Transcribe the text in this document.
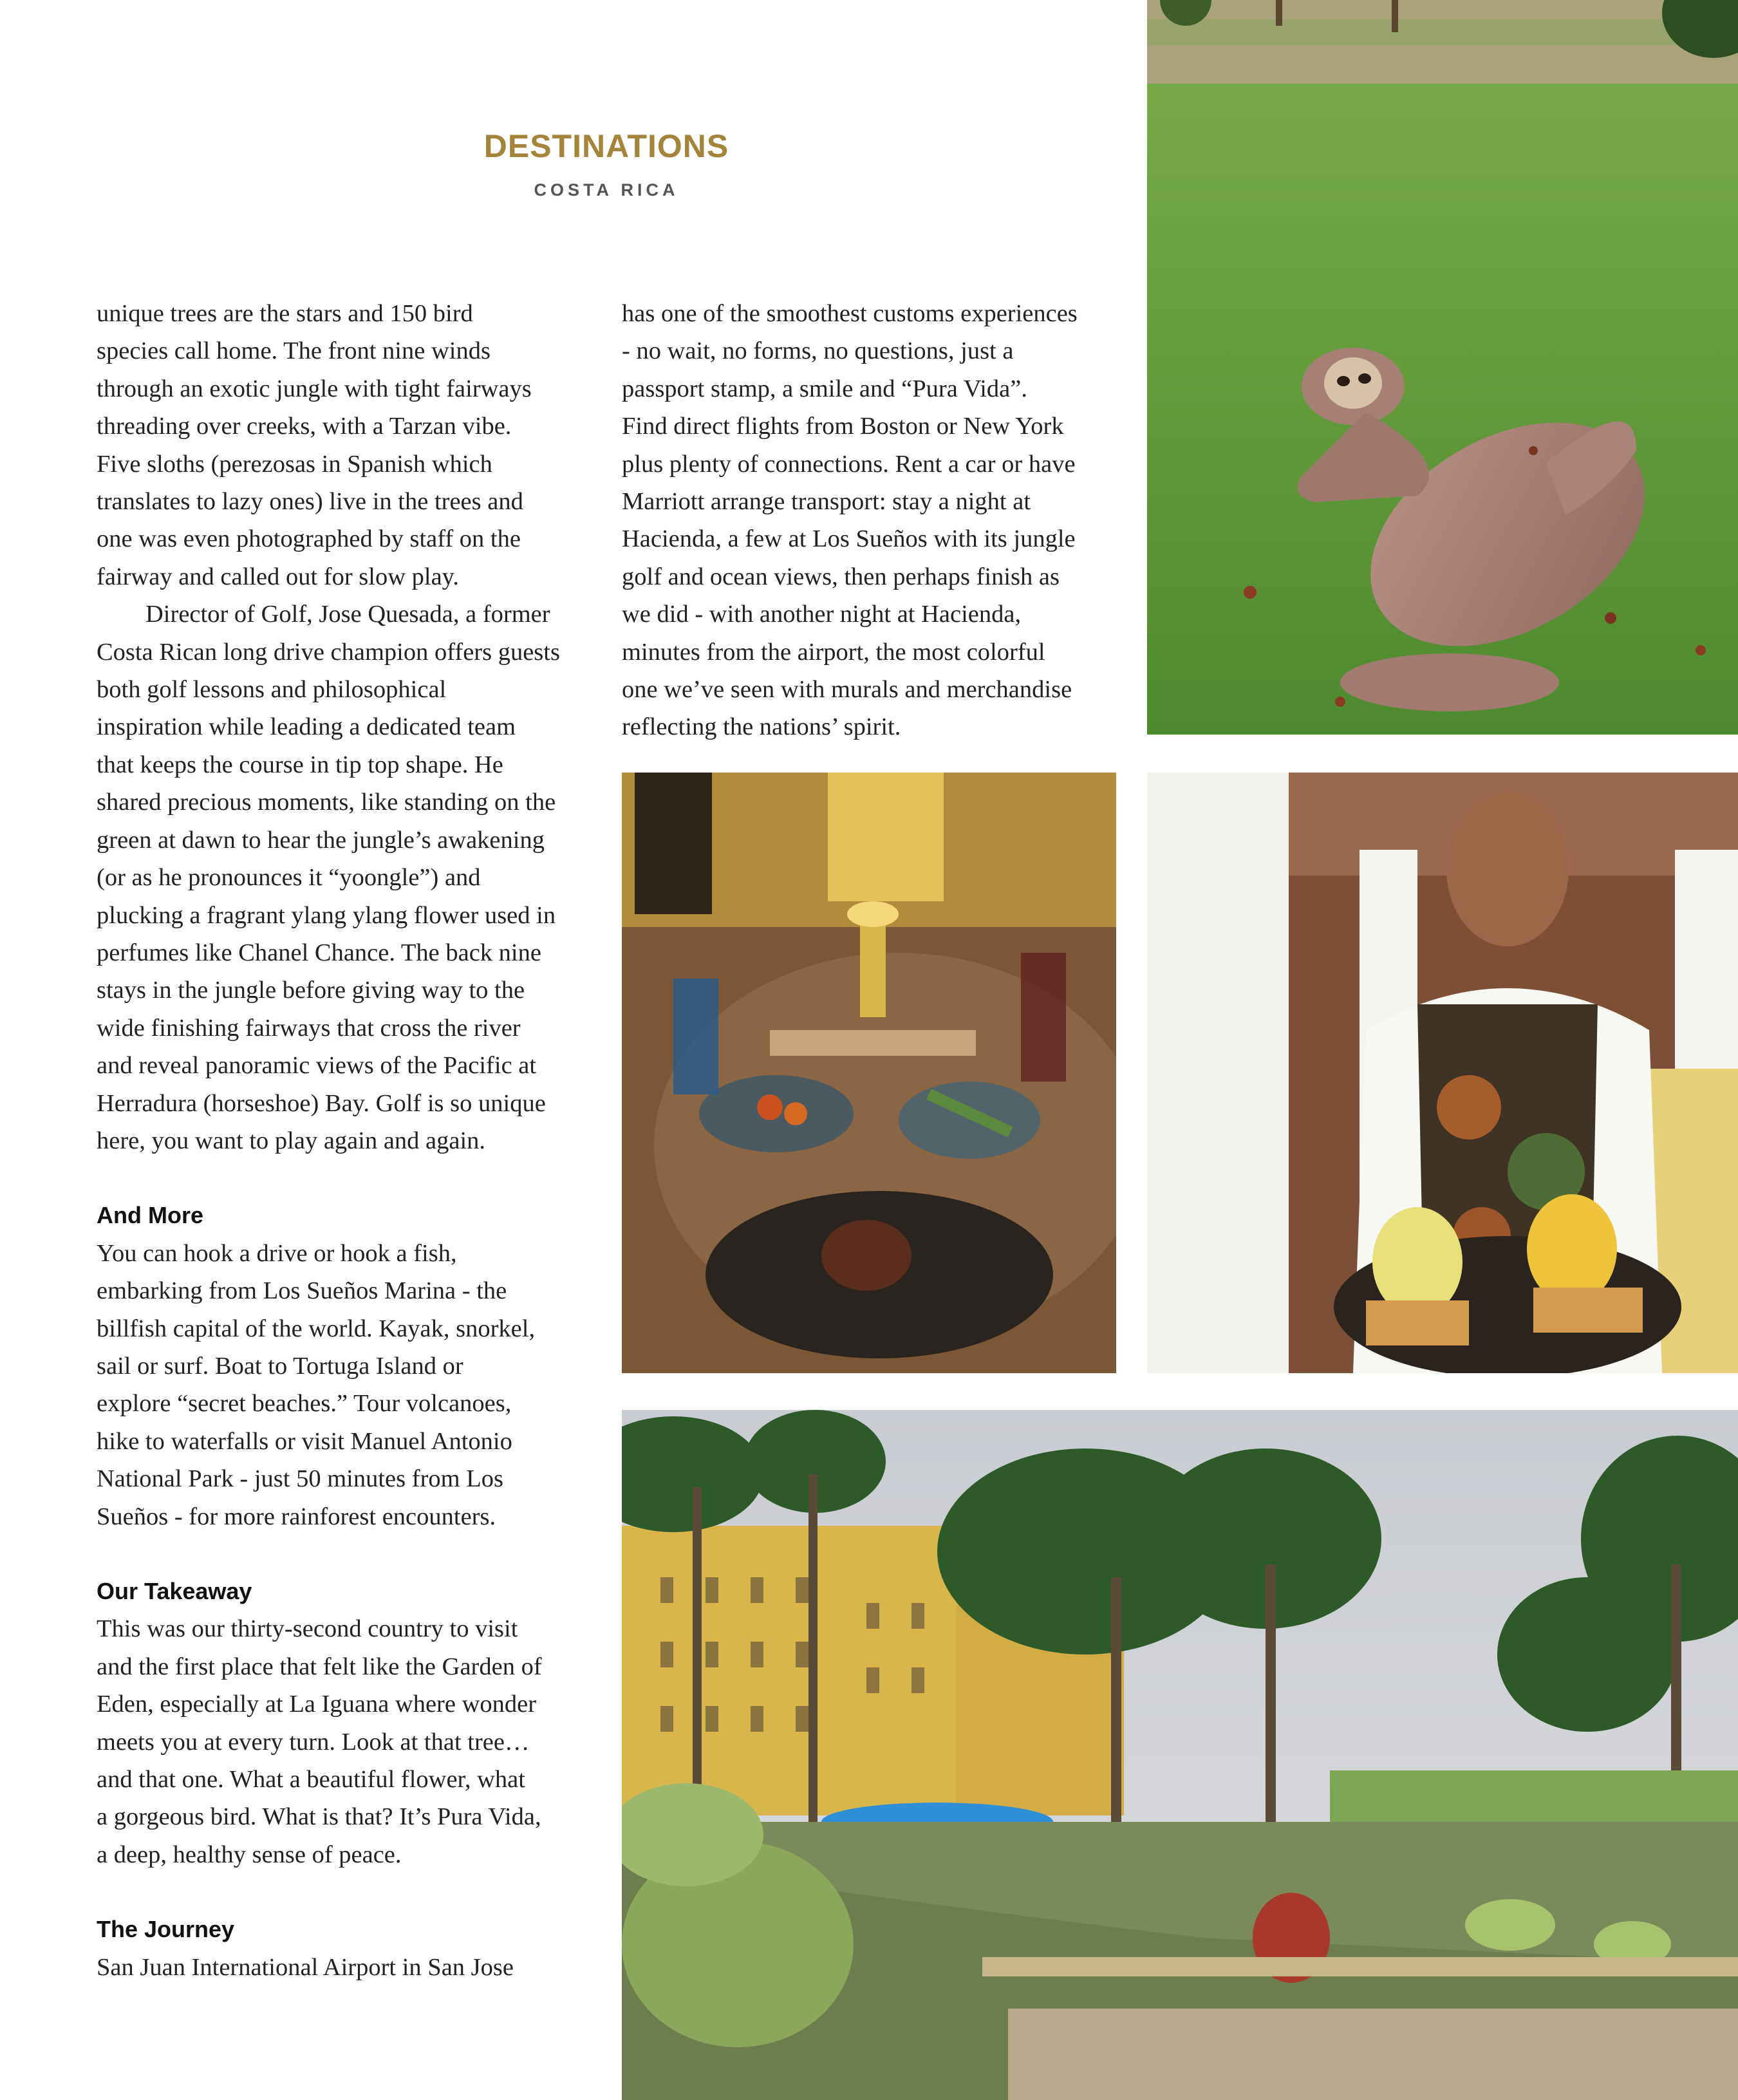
DESTINATIONS
COSTA RICA

unique trees are the stars and 150 bird
species call home. The front nine winds
through an exotic jungle with tight fairways
threading over creeks, with a Tarzan vibe.
Five sloths (perezosas in Spanish which
translates to lazy ones) live in the trees and
one was even photographed by staff on the
fairway and called out for slow play.

Director of Golf, Jose Quesada, a former
Costa Rican long drive champion offers guests
both golf lessons and philosophical
inspiration while leading a dedicated team
that keeps the course in tip top shape. He
shared precious moments, like standing on the
green at dawn to hear the jungle’s awakening
(or as he pronounces it “yoongle”) and
plucking a fragrant ylang ylang flower used in
perfumes like Chanel Chance. The back nine
stays in the jungle before giving way to the
wide finishing fairways that cross the river
and reveal panoramic views of the Pacific at
Herradura (horseshoe) Bay. Golf is so unique
here, you want to play again and again.

And More

You can hook a drive or hook a fish,
embarking from Los Sueños Marina - the
billfish capital of the world. Kayak, snorkel,
sail or surf. Boat to Tortuga Island or
explore “secret beaches.” Tour volcanoes,
hike to waterfalls or visit Manuel Antonio
National Park - just 50 minutes from Los
Sueños - for more rainforest encounters.

Our Takeaway

This was our thirty-second country to visit
and the first place that felt like the Garden of
Eden, especially at La Iguana where wonder
meets you at every turn. Look at that tree…
and that one. What a beautiful flower, what
a gorgeous bird. What is that? It’s Pura Vida,
a deep, healthy sense of peace.

The Journey

San Juan International Airport in San Jose

has one of the smoothest customs experiences
- no wait, no forms, no questions, just a
passport stamp, a smile and “Pura Vida”.
Find direct flights from Boston or New York
plus plenty of connections. Rent a car or have
Marriott arrange transport: stay a night at
Hacienda, a few at Los Sueños with its jungle
golf and ocean views, then perhaps finish as
we did - with another night at Hacienda,
minutes from the airport, the most colorful
one we’ve seen with murals and merchandise
reflecting the nations’ spirit.
